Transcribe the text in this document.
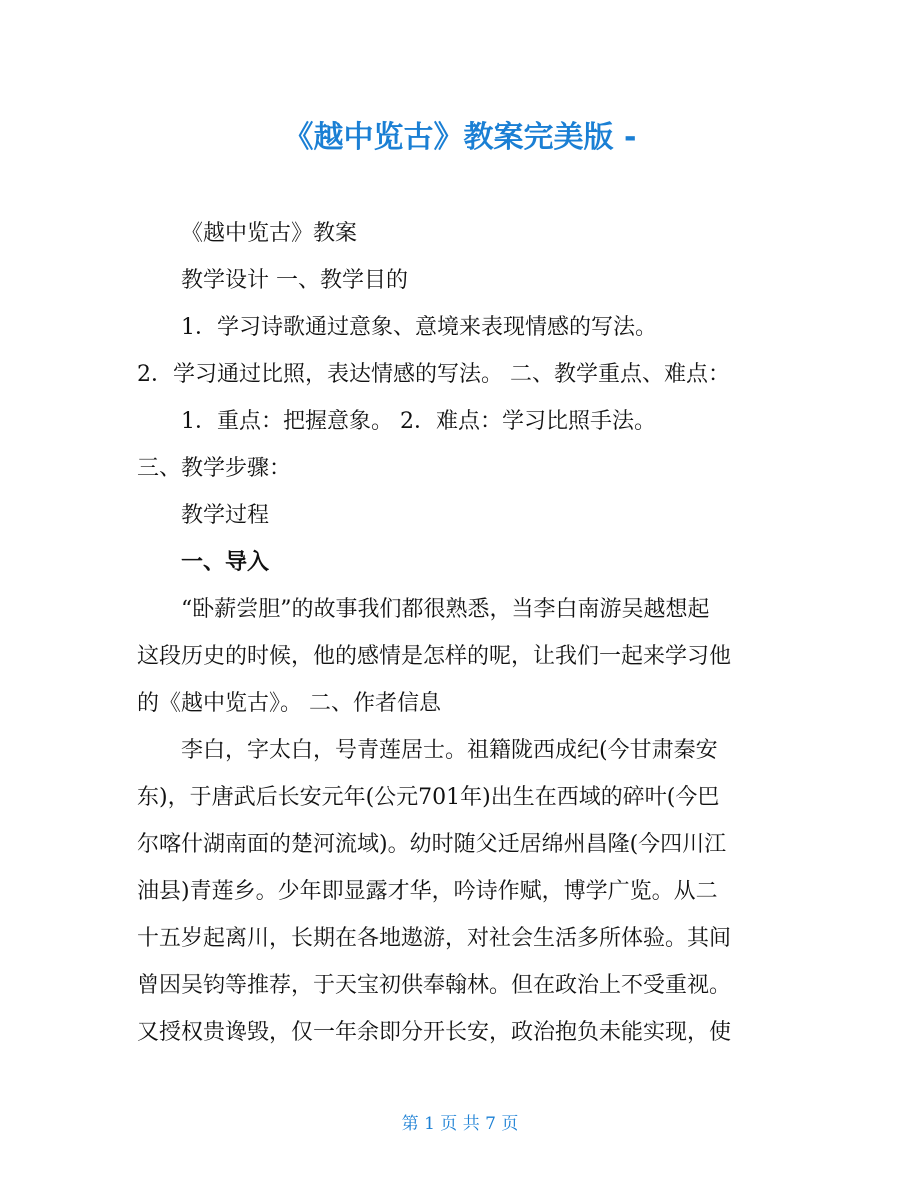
《越中览古》教案完美版 -
《越中览古》教案
教学设计 一、教学目的
1．学习诗歌通过意象、意境来表现情感的写法。
2．学习通过比照，表达情感的写法。 二、教学重点、难点：
1．重点：把握意象。 2．难点：学习比照手法。
三、教学步骤：
教学过程
一、导入
“卧薪尝胆”的故事我们都很熟悉，当李白南游吴越想起
这段历史的时候，他的感情是怎样的呢，让我们一起来学习他
的《越中览古》。 二、作者信息
李白，字太白，号青莲居士。祖籍陇西成纪(今甘肃秦安
东)，于唐武后长安元年(公元701年)出生在西域的碎叶(今巴
尔喀什湖南面的楚河流域)。幼时随父迁居绵州昌隆(今四川江
油县)青莲乡。少年即显露才华，吟诗作赋，博学广览。从二
十五岁起离川，长期在各地遨游，对社会生活多所体验。其间
曾因吴钧等推荐，于天宝初供奉翰林。但在政治上不受重视。
又授权贵谗毁，仅一年余即分开长安，政治抱负未能实现，使
第 1 页 共 7 页
